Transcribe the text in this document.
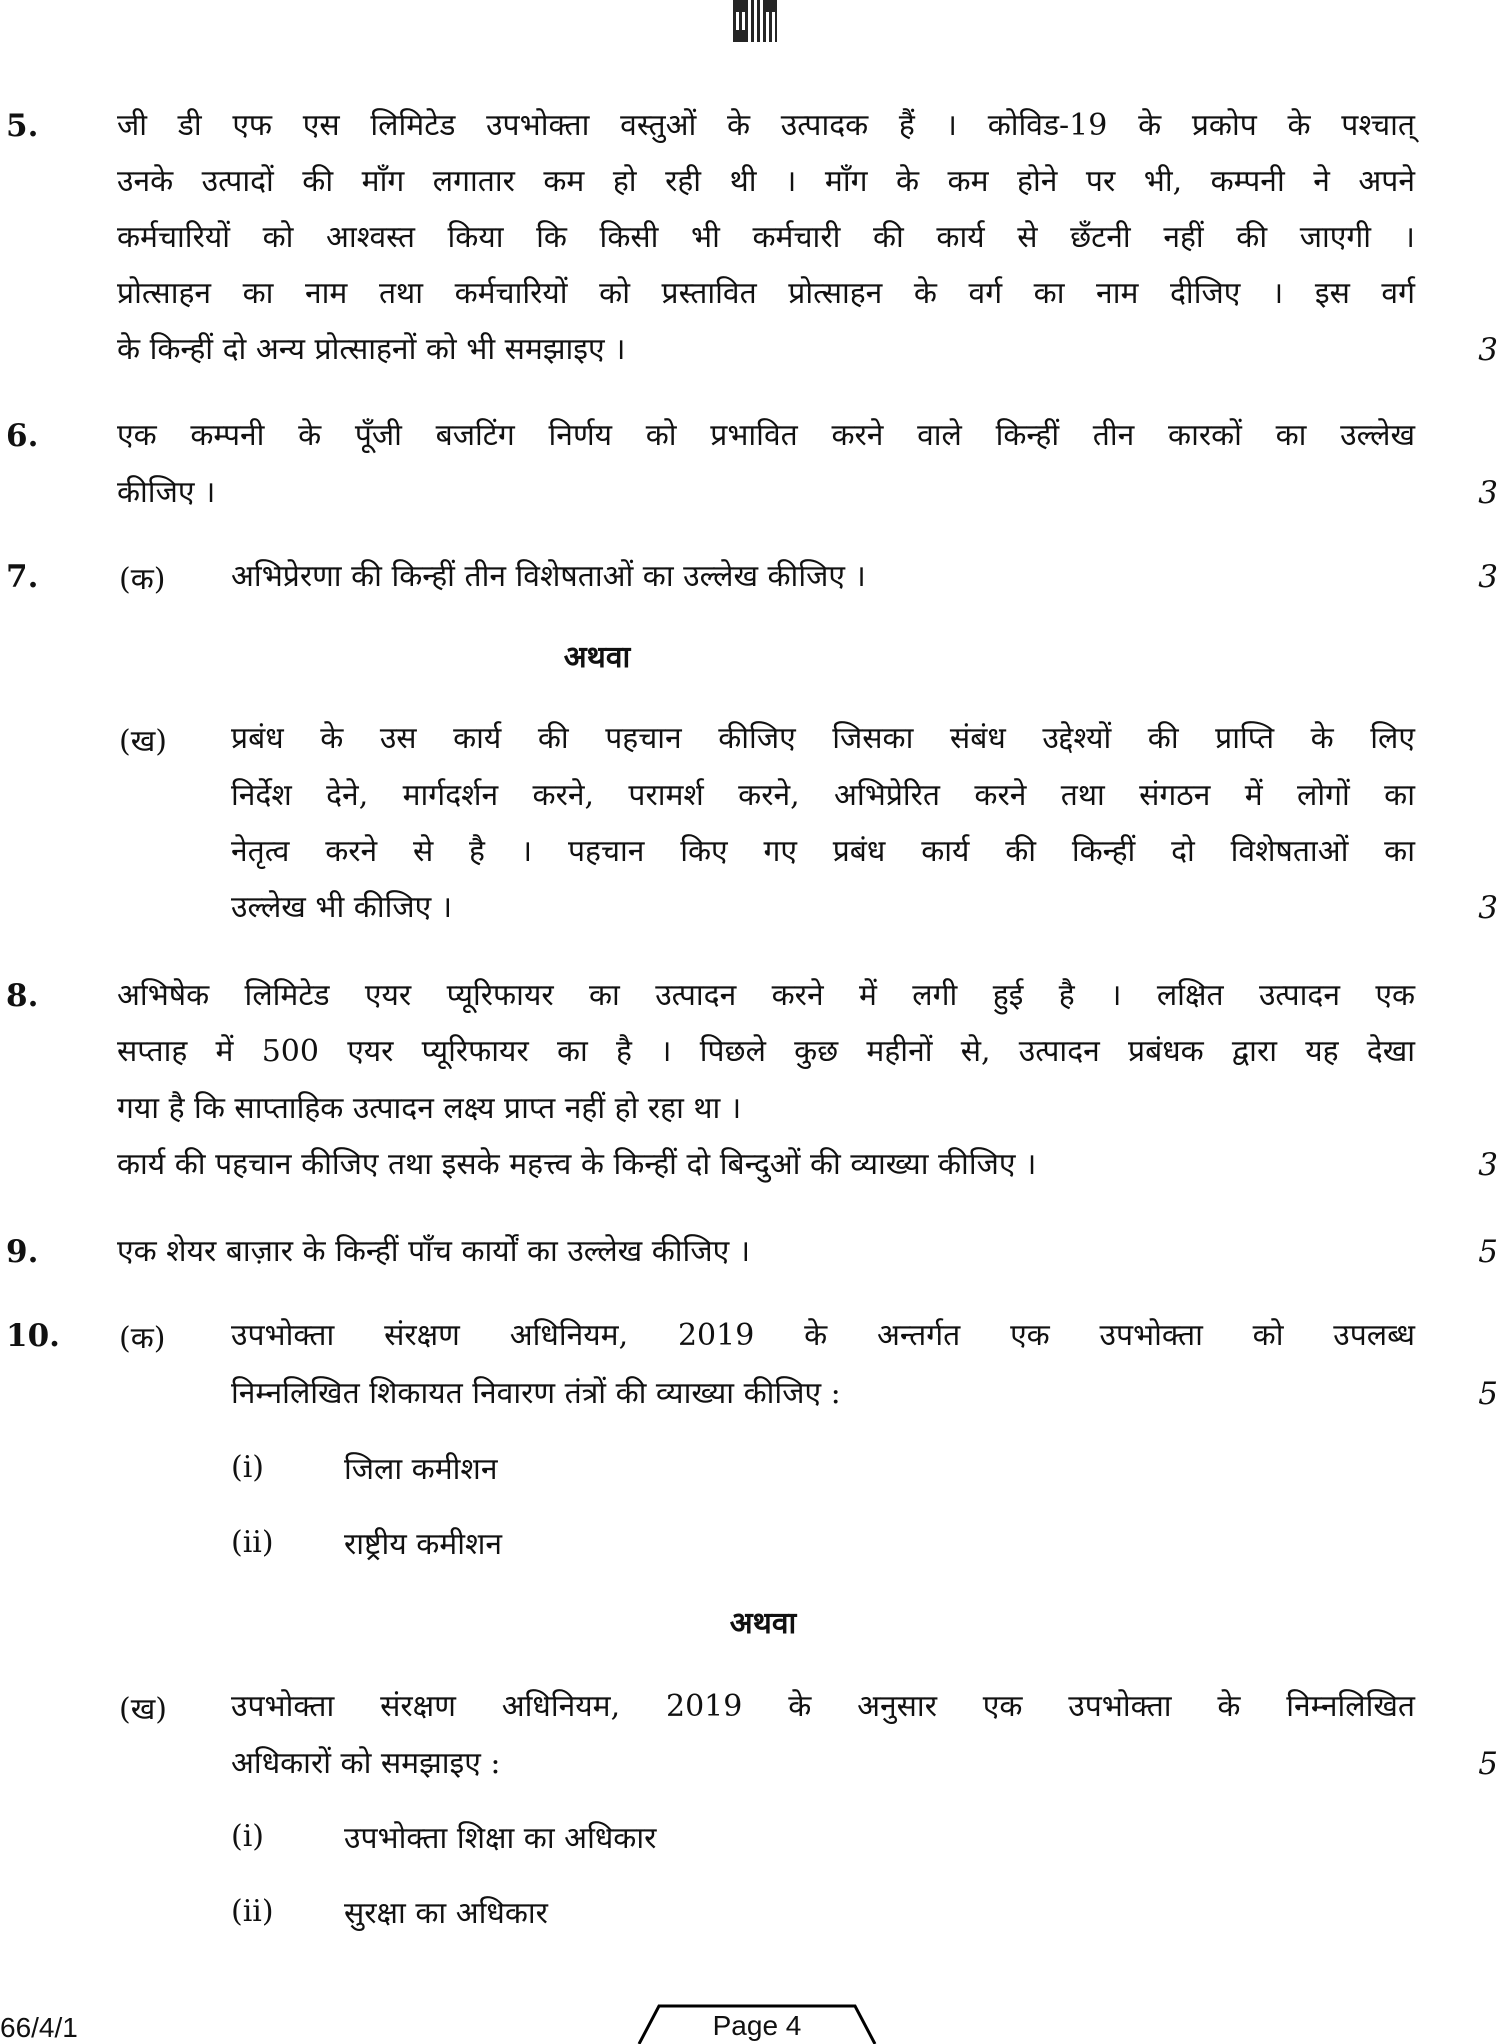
5.	जी डी एफ एस लिमिटेड उपभोक्ता वस्तुओं के उत्पादक हैं । कोविड-19 के प्रकोप के पश्चात्
उनके उत्पादों की माँग लगातार कम हो रही थी । माँग के कम होने पर भी, कम्पनी ने अपने
कर्मचारियों को आश्वस्त किया कि किसी भी कर्मचारी की कार्य से छँटनी नहीं की जाएगी ।
प्रोत्साहन का नाम तथा कर्मचारियों को प्रस्तावित प्रोत्साहन के वर्ग का नाम दीजिए । इस वर्ग
के किन्हीं दो अन्य प्रोत्साहनों को भी समझाइए ।	3
6.	एक कम्पनी के पूँजी बजटिंग निर्णय को प्रभावित करने वाले किन्हीं तीन कारकों का उल्लेख
कीजिए ।	3
7.	(क) अभिप्रेरणा की किन्हीं तीन विशेषताओं का उल्लेख कीजिए ।	3
अथवा
(ख) प्रबंध के उस कार्य की पहचान कीजिए जिसका संबंध उद्देश्यों की प्राप्ति के लिए
निर्देश देने, मार्गदर्शन करने, परामर्श करने, अभिप्रेरित करने तथा संगठन में लोगों का
नेतृत्व करने से है । पहचान किए गए प्रबंध कार्य की किन्हीं दो विशेषताओं का
उल्लेख भी कीजिए ।	3
8.	अभिषेक लिमिटेड एयर प्यूरिफायर का उत्पादन करने में लगी हुई है । लक्षित उत्पादन एक
सप्ताह में 500 एयर प्यूरिफायर का है । पिछले कुछ महीनों से, उत्पादन प्रबंधक द्वारा यह देखा
गया है कि साप्ताहिक उत्पादन लक्ष्य प्राप्त नहीं हो रहा था ।
कार्य की पहचान कीजिए तथा इसके महत्त्व के किन्हीं दो बिन्दुओं की व्याख्या कीजिए ।	3
9.	एक शेयर बाज़ार के किन्हीं पाँच कार्यों का उल्लेख कीजिए ।	5
10. (क) उपभोक्ता संरक्षण अधिनियम, 2019 के अन्तर्गत एक उपभोक्ता को उपलब्ध
निम्नलिखित शिकायत निवारण तंत्रों की व्याख्या कीजिए :	5
(i)	जिला कमीशन
(ii) राष्ट्रीय कमीशन
अथवा
(ख) उपभोक्ता संरक्षण अधिनियम, 2019 के अनुसार एक उपभोक्ता के निम्नलिखित
अधिकारों को समझाइए :	5
(i)	उपभोक्ता शिक्षा का अधिकार
(ii) सुरक्षा का अधिकार
66/4/1	Page 4
